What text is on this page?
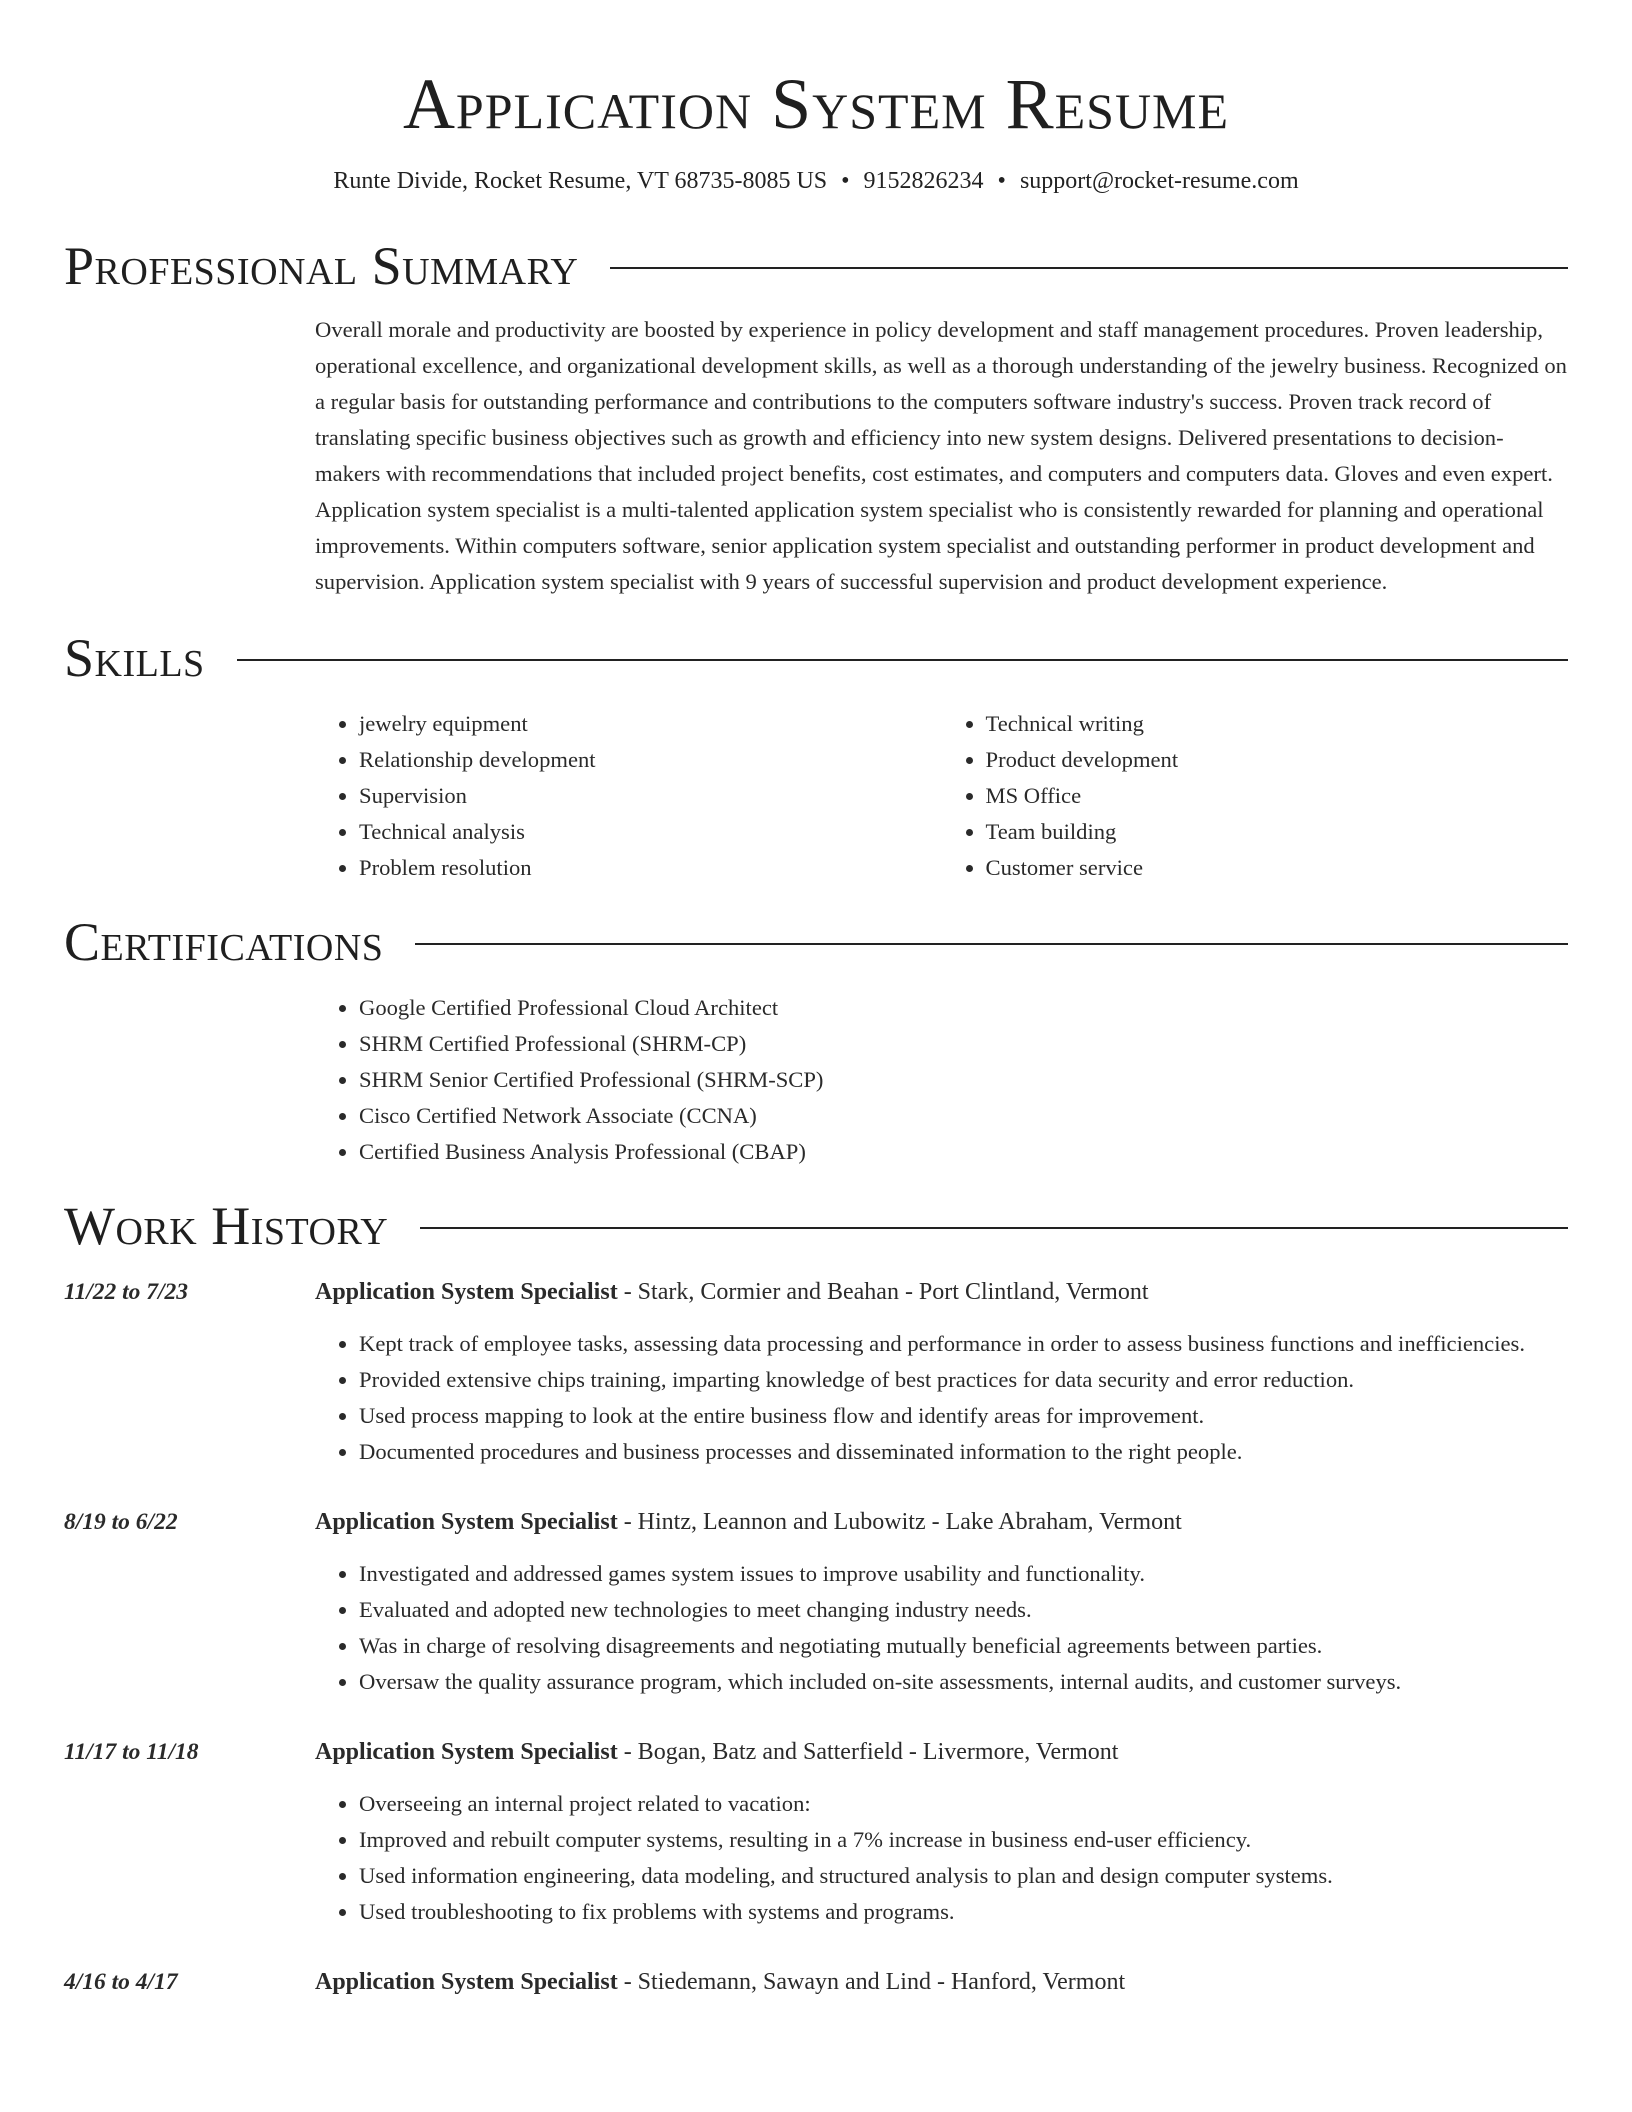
Application System Resume
Runte Divide, Rocket Resume, VT 68735-8085 US • 9152826234 • support@rocket-resume.com
Professional Summary

Overall morale and productivity are boosted by experience in policy development and staff management procedures. Proven leadership, operational excellence, and organizational development skills, as well as a thorough understanding of the jewelry business. Recognized on a regular basis for outstanding performance and contributions to the computers software industry's success. Proven track record of translating specific business objectives such as growth and efficiency into new system designs. Delivered presentations to decision-makers with recommendations that included project benefits, cost estimates, and computers and computers data. Gloves and even expert. Application system specialist is a multi-talented application system specialist who is consistently rewarded for planning and operational improvements. Within computers software, senior application system specialist and outstanding performer in product development and supervision. Application system specialist with 9 years of successful supervision and product development experience.

Skills
• jewelry equipment
• Relationship development
• Supervision
• Technical analysis
• Problem resolution
• Technical writing
• Product development
• MS Office
• Team building
• Customer service
Certifications
• Google Certified Professional Cloud Architect
• SHRM Certified Professional (SHRM-CP)
• SHRM Senior Certified Professional (SHRM-SCP)
• Cisco Certified Network Associate (CCNA)
• Certified Business Analysis Professional (CBAP)
Work History
11/22 to 7/23	Application System Specialist - Stark, Cormier and Beahan - Port Clintland, Vermont
• Kept track of employee tasks, assessing data processing and performance in order to assess business functions and inefficiencies.
• Provided extensive chips training, imparting knowledge of best practices for data security and error reduction.
• Used process mapping to look at the entire business flow and identify areas for improvement.
• Documented procedures and business processes and disseminated information to the right people.
8/19 to 6/22	Application System Specialist - Hintz, Leannon and Lubowitz - Lake Abraham, Vermont
• Investigated and addressed games system issues to improve usability and functionality.
• Evaluated and adopted new technologies to meet changing industry needs.
• Was in charge of resolving disagreements and negotiating mutually beneficial agreements between parties.
• Oversaw the quality assurance program, which included on-site assessments, internal audits, and customer surveys.
11/17 to 11/18	Application System Specialist - Bogan, Batz and Satterfield - Livermore, Vermont
• Overseeing an internal project related to vacation:
• Improved and rebuilt computer systems, resulting in a 7% increase in business end-user efficiency.
• Used information engineering, data modeling, and structured analysis to plan and design computer systems.
• Used troubleshooting to fix problems with systems and programs.
4/16 to 4/17	Application System Specialist - Stiedemann, Sawayn and Lind - Hanford, Vermont
